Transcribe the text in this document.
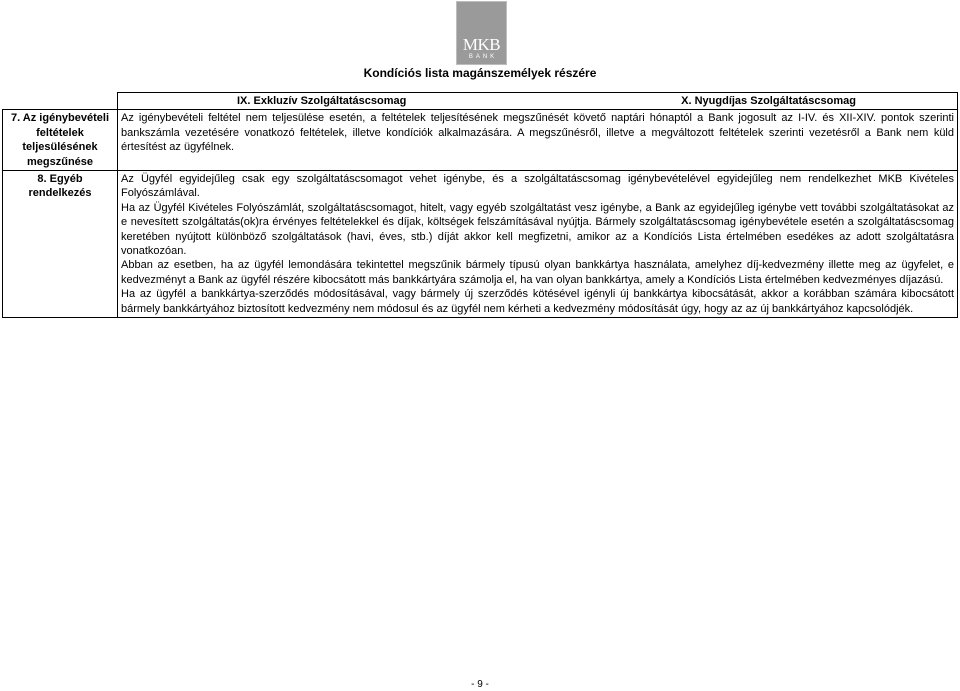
MKB
BANK
Kondíciós lista magánszemélyek részére
	IX. Exkluzív Szolgáltatáscsomag X. Nyugdíjas Szolgáltatáscsomag

7. Az igénybevételi feltételek teljesülésének megszűnése	Az igénybevételi feltétel nem teljesülése esetén, a feltételek teljesítésének megszűnését követő naptári hónaptól a Bank jogosult az I-IV. és XII-XIV. pontok szerinti bankszámla vezetésére vonatkozó feltételek, illetve kondíciók alkalmazására. A megszűnésről, illetve a megváltozott feltételek szerinti vezetésről a Bank nem küld értesítést az ügyfélnek.

8. Egyéb rendelkezés	Az Ügyfél egyidejűleg csak egy szolgáltatáscsomagot vehet igénybe, és a szolgáltatáscsomag igénybevételével egyidejűleg nem rendelkezhet MKB Kivételes Folyószámlával.

Ha az Ügyfél Kivételes Folyószámlát, szolgáltatáscsomagot, hitelt, vagy egyéb szolgáltatást vesz igénybe, a Bank az egyidejűleg igénybe vett további szolgáltatásokat az e nevesített szolgáltatás(ok)ra érvényes feltételekkel és díjak, költségek felszámításával nyújtja. Bármely szolgáltatáscsomag igénybevétele esetén a szolgáltatáscsomag keretében nyújtott különböző szolgáltatások (havi, éves, stb.) díját akkor kell megfizetni, amikor az a Kondíciós Lista értelmében esedékes az adott szolgáltatásra vonatkozóan.

Abban az esetben, ha az ügyfél lemondására tekintettel megszűnik bármely típusú olyan bankkártya használata, amelyhez díj-kedvezmény illette meg az ügyfelet, e kedvezményt a Bank az ügyfél részére kibocsátott más bankkártyára számolja el, ha van olyan bankkártya, amely a Kondíciós Lista értelmében kedvezményes díjazású.

Ha az ügyfél a bankkártya-szerződés módosításával, vagy bármely új szerződés kötésével igényli új bankkártya kibocsátását, akkor a korábban számára kibocsátott bármely bankkártyához biztosított kedvezmény nem módosul és az ügyfél nem kérheti a kedvezmény módosítását úgy, hogy az az új bankkártyához kapcsolódjék.

- 9 -
